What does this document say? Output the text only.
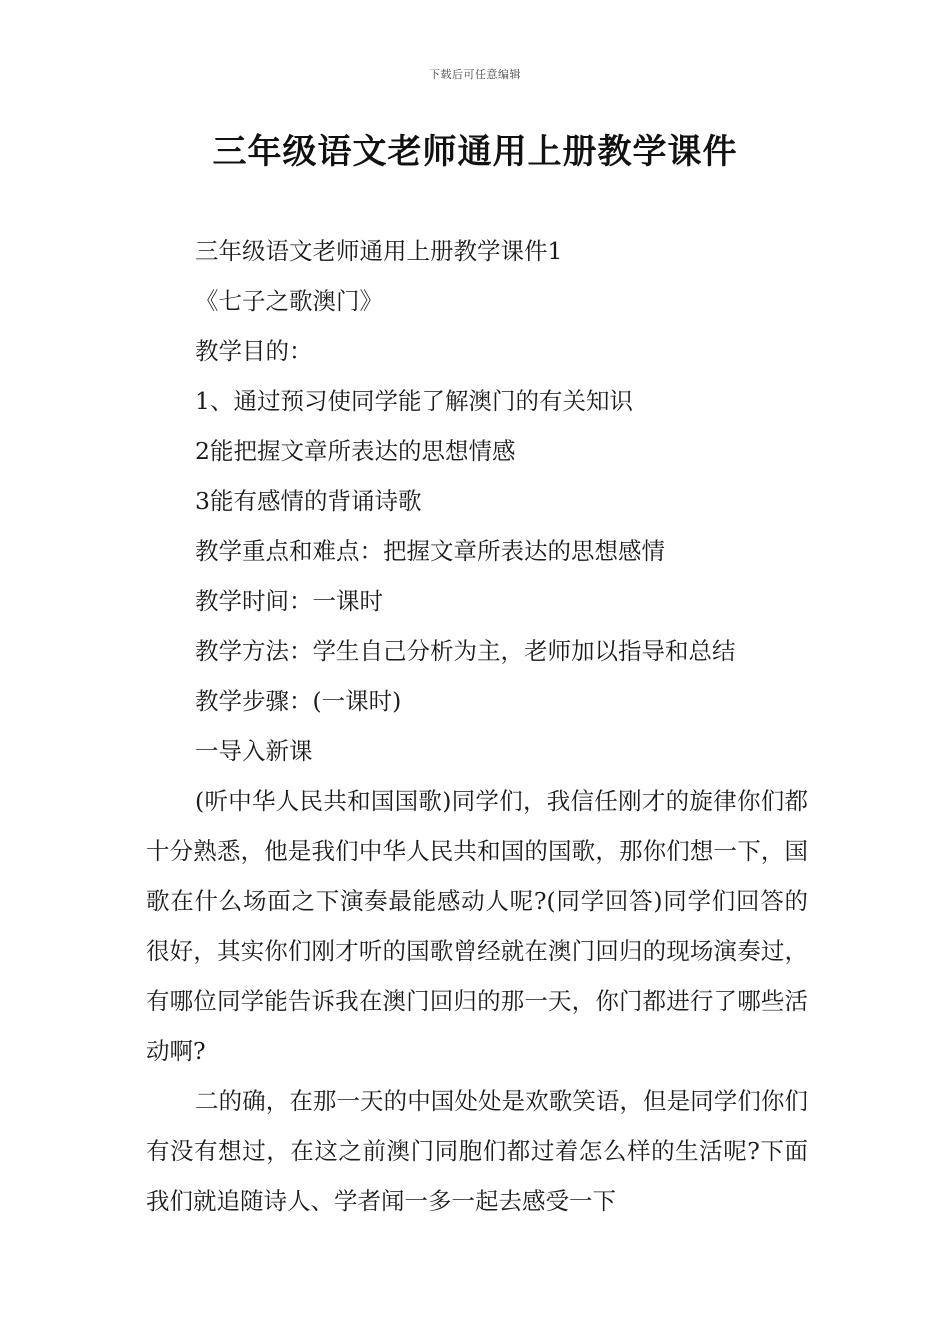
下载后可任意编辑
三年级语文老师通用上册教学课件

三年级语文老师通用上册教学课件1

《七子之歌澳门》

教学目的：

1、通过预习使同学能了解澳门的有关知识

2能把握文章所表达的思想情感

3能有感情的背诵诗歌

教学重点和难点：把握文章所表达的思想感情

教学时间：一课时

教学方法：学生自己分析为主，老师加以指导和总结

教学步骤：(一课时)

一导入新课

(听中华人民共和国国歌)同学们，我信任刚才的旋律你们都十分熟悉，他是我们中华人民共和国的国歌，那你们想一下，国歌在什么场面之下演奏最能感动人呢?(同学回答)同学们回答的很好，其实你们刚才听的国歌曾经就在澳门回归的现场演奏过，有哪位同学能告诉我在澳门回归的那一天，你门都进行了哪些活动啊?

二的确，在那一天的中国处处是欢歌笑语，但是同学们你们有没有想过，在这之前澳门同胞们都过着怎么样的生活呢?下面我们就追随诗人、学者闻一多一起去感受一下
